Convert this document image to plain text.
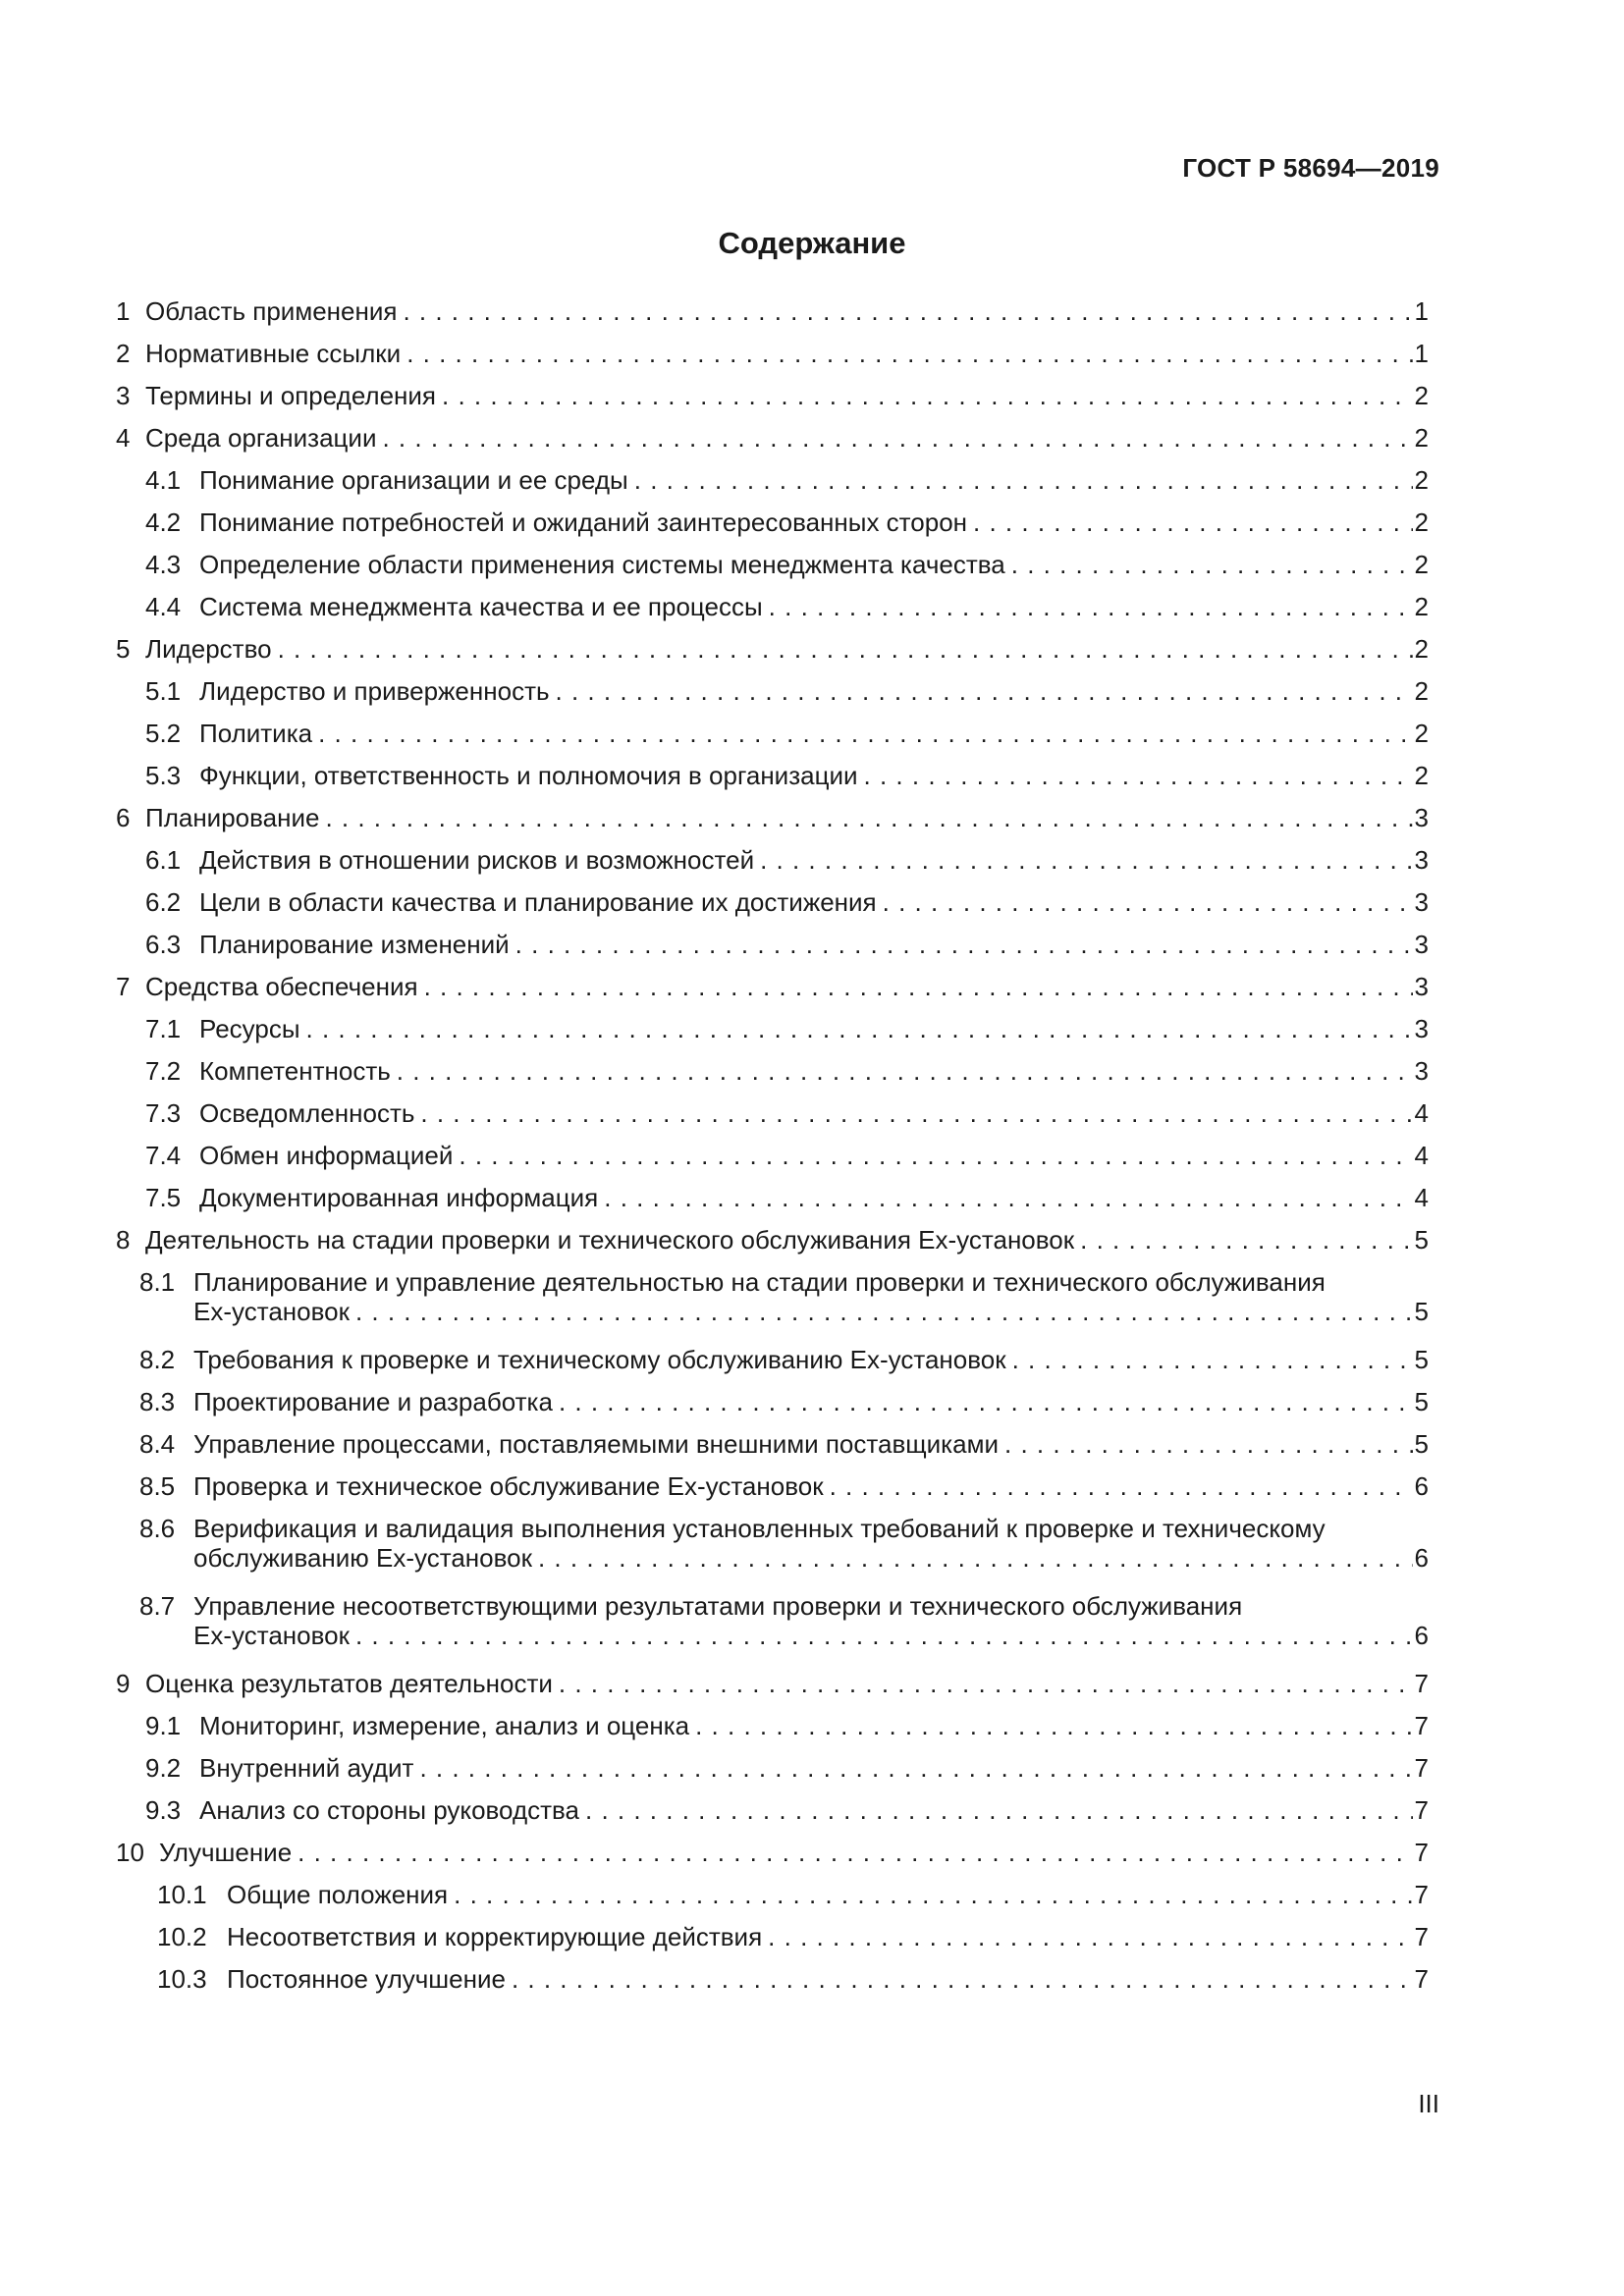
ГОСТ Р 58694—2019
Содержание
1 Область применения . . .	1
2 Нормативные ссылки . . .	1
3 Термины и определения . . .	2
4 Среда организации . . .	2
4.1 Понимание организации и ее среды . . .	2
4.2 Понимание потребностей и ожиданий заинтересованных сторон . . .	2
4.3 Определение области применения системы менеджмента качества . . .	2
4.4 Система менеджмента качества и ее процессы . . .	2
5 Лидерство . . .	2
5.1 Лидерство и приверженность . . .	2
5.2 Политика . . .	2
5.3 Функции, ответственность и полномочия в организации . . .	2
6 Планирование . . .	3
6.1 Действия в отношении рисков и возможностей . . .	3
6.2 Цели в области качества и планирование их достижения . . .	3
6.3 Планирование изменений . . .	3
7 Средства обеспечения . . .	3
7.1 Ресурсы . . .	3
7.2 Компетентность . . .	3
7.3 Осведомленность . . .	4
7.4 Обмен информацией . . .	4
7.5 Документированная информация . . .	4
8 Деятельность на стадии проверки и технического обслуживания Ex-установок . . .	5
8.1 Планирование и управление деятельностью на стадии проверки и технического обслуживания
Ex-установок . . .	5
8.2 Требования к проверке и техническому обслуживанию Ex-установок . . .	5
8.3 Проектирование и разработка . . .	5
8.4 Управление процессами, поставляемыми внешними поставщиками . . .	5
8.5 Проверка и техническое обслуживание Ex-установок . . .	6
8.6 Верификация и валидация выполнения установленных требований к проверке и техническому
обслуживанию Ex-установок . . .	6
8.7 Управление несоответствующими результатами проверки и технического обслуживания
Ex-установок . . .	6
9 Оценка результатов деятельности . . .	7
9.1 Мониторинг, измерение, анализ и оценка . . .	7
9.2 Внутренний аудит . . .	7
9.3 Анализ со стороны руководства . . .	7
10 Улучшение . . .	7
10.1 Общие положения . . .	7
10.2 Несоответствия и корректирующие действия . . .	7
10.3 Постоянное улучшение . . .	7
III
